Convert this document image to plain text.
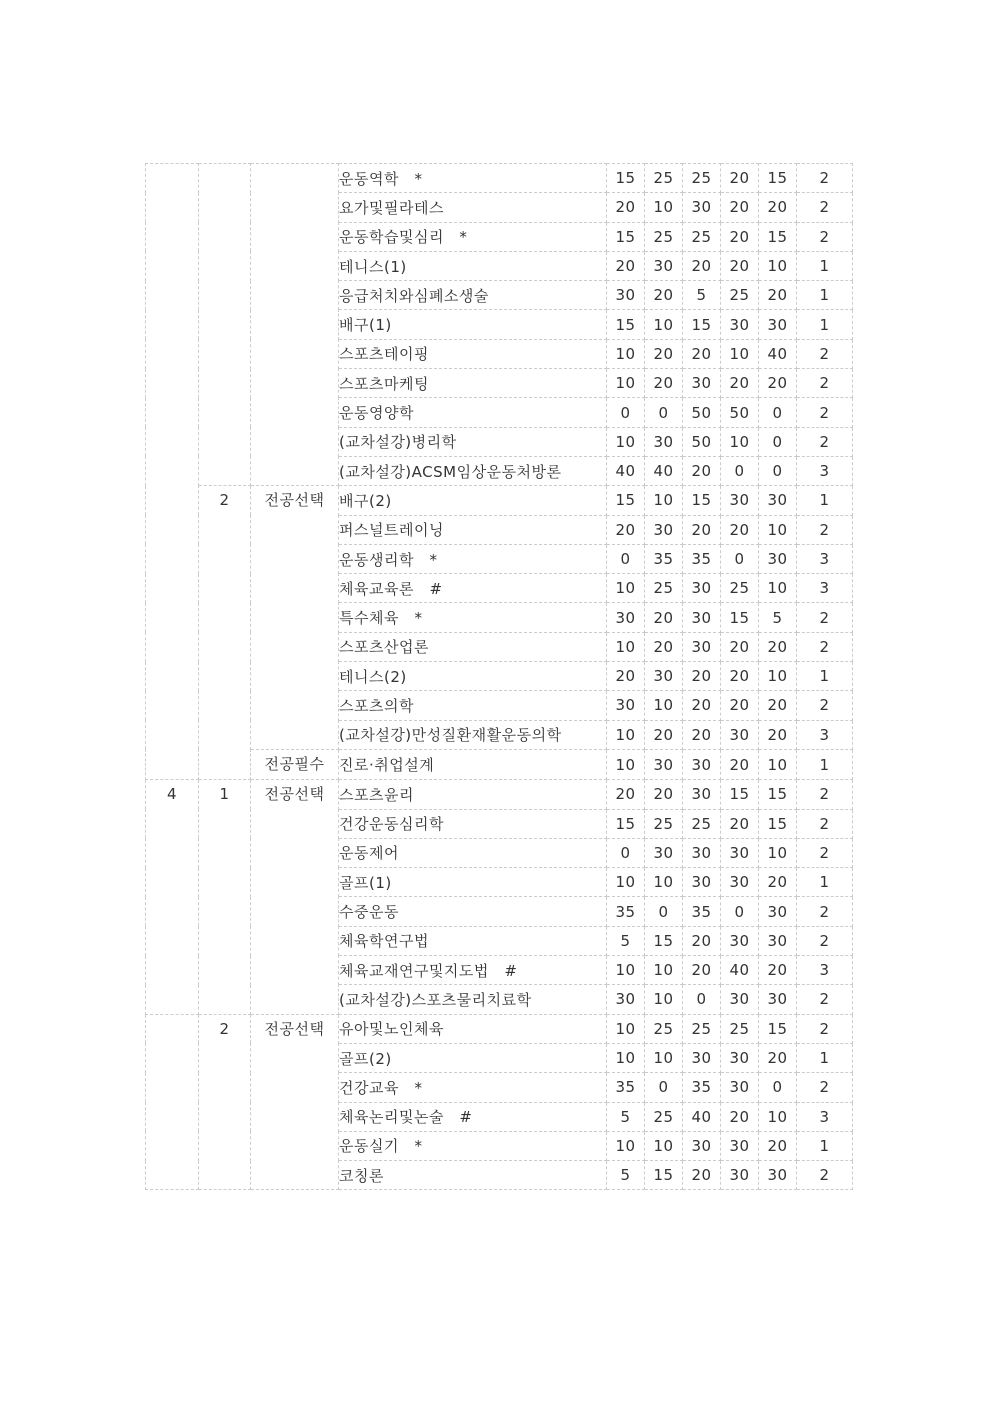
			운동역학　*	15	25	25	20	15	2
			요가및필라테스	20	10	30	20	20	2
			운동학습및심리　*	15	25	25	20	15	2
			테니스(1)	20	30	20	20	10	1
			응급처치와심폐소생술	30	20	5	25	20	1
			배구(1)	15	10	15	30	30	1
			스포츠테이핑	10	20	20	10	40	2
			스포츠마케팅	10	20	30	20	20	2
			운동영양학	0	0	50	50	0	2
			(교차설강)병리학	10	30	50	10	0	2
			(교차설강)ACSM임상운동처방론	40	40	20	0	0	3
	2	전공선택	배구(2)	15	10	15	30	30	1
			퍼스널트레이닝	20	30	20	20	10	2
			운동생리학　*	0	35	35	0	30	3
			체육교육론　#	10	25	30	25	10	3
			특수체육　*	30	20	30	15	5	2
			스포츠산업론	10	20	30	20	20	2
			테니스(2)	20	30	20	20	10	1
			스포츠의학	30	10	20	20	20	2
			(교차설강)만성질환재활운동의학	10	20	20	30	20	3
		전공필수	진로·취업설계	10	30	30	20	10	1
4	1	전공선택	스포츠윤리	20	20	30	15	15	2
			건강운동심리학	15	25	25	20	15	2
			운동제어	0	30	30	30	10	2
			골프(1)	10	10	30	30	20	1
			수중운동	35	0	35	0	30	2
			체육학연구법	5	15	20	30	30	2
			체육교재연구및지도법　#	10	10	20	40	20	3
			(교차설강)스포츠물리치료학	30	10	0	30	30	2
	2	전공선택	유아및노인체육	10	25	25	25	15	2
			골프(2)	10	10	30	30	20	1
			건강교육　*	35	0	35	30	0	2
			체육논리및논술　#	5	25	40	20	10	3
			운동실기　*	10	10	30	30	20	1
			코칭론	5	15	20	30	30	2
